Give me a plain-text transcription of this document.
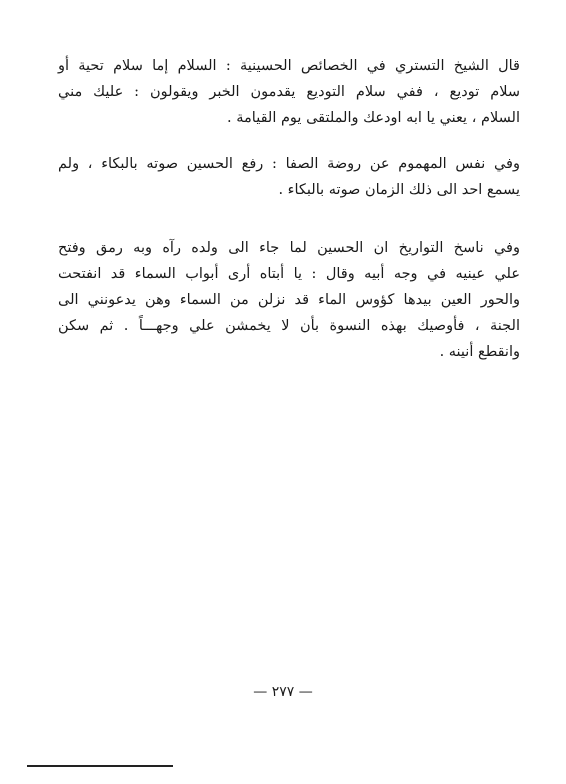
قال الشيخ التستري في الخصائص الحسينية : السلام إما سلام تحية أو
سلام توديع ، ففي سلام التوديع يقدمون الخبر ويقولون : عليك مني
السلام ، يعني يا ابه اودعك والملتقى يوم القيامة .
وفي نفس المهموم عن روضة الصفا : رفع الحسين صوته بالبكاء ، ولم
يسمع احد الى ذلك الزمان صوته بالبكاء .
وفي ناسخ التواريخ ان الحسين لما جاء الى ولده رآه وبه رمق وفتح
علي عينيه في وجه أبيه وقال : يا أبتاه أرى أبواب السماء قد انفتحت
والحور العين بيدها كؤوس الماء قد نزلن من السماء وهن يدعونني الى
الجنة ، فأوصيك بهذه النسوة بأن لا يخمشن علي وجهـــاً . ثم سكن
وانقطع أنينه .
— ٢٧٧ —
